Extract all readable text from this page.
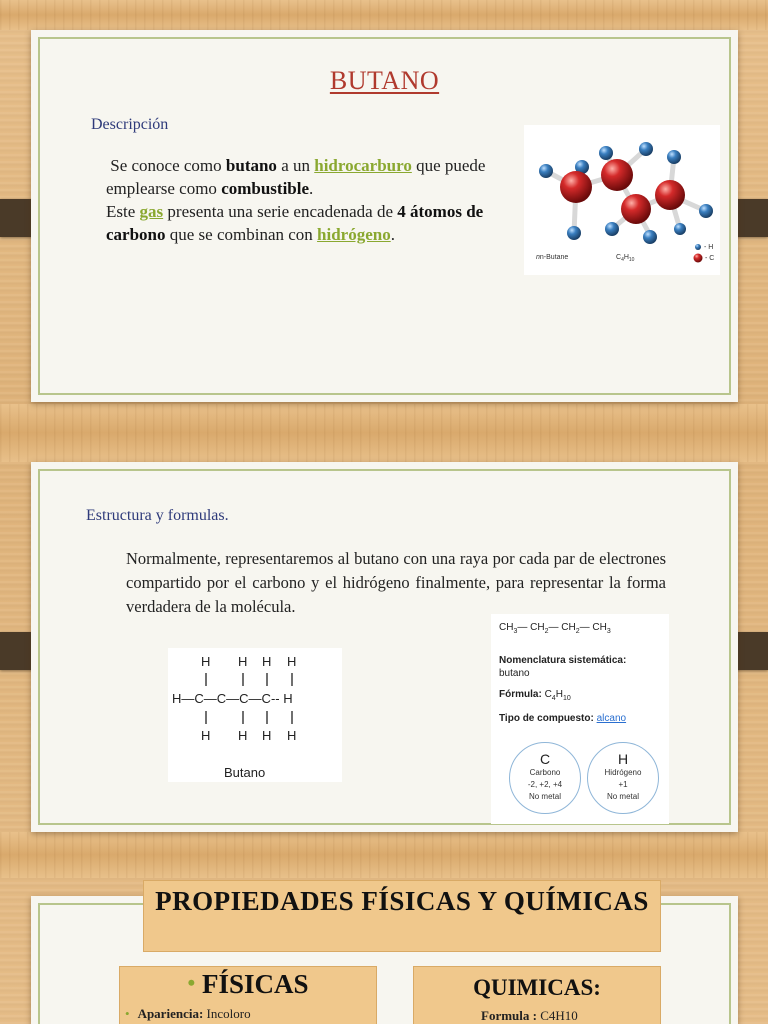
BUTANO
Descripción
Se conoce como butano a un hidrocarburo que puede emplearse como combustible.
Este gas presenta una serie encadenada de 4 átomos de carbono que se combinan con hidrógeno.
nn-Butane	$C_4H_{10}$
- H
- C
Estructura y formulas.
Normalmente, representaremos al butano con una raya por cada par de electrones compartido por el carbono y el hidrógeno finalmente, para representar la forma verdadera de la molécula.
H H H H
H—C—C—C—C-- H
H H H H
Butano
$CH_3—$ $CH_2—$ $CH_2—$ $CH_3$
Nomenclatura sistemática:
butano
Fórmula: $C_4H_{10}$
Tipo de compuesto: alcano
C
Carbono
-2, +2, +4
No metal
H
Hidrógeno
+1
No metal
PROPIEDADES FÍSICAS Y QUÍMICAS
• FÍSICAS	QUIMICAS:
• Apariencia: Incoloro	Formula : C4H10
